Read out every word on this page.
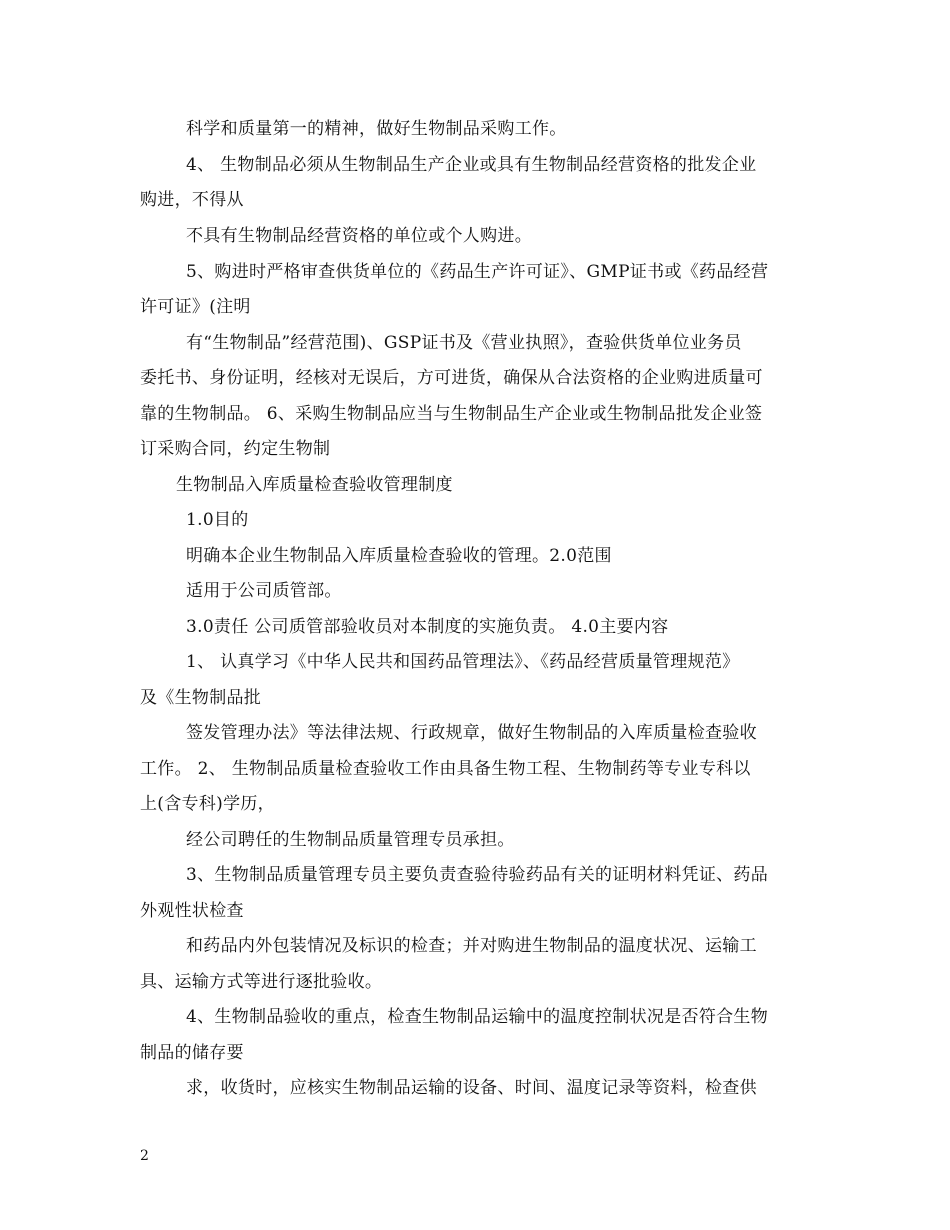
科学和质量第一的精神，做好生物制品采购工作。
4、 生物制品必须从生物制品生产企业或具有生物制品经营资格的批发企业
购进，不得从
不具有生物制品经营资格的单位或个人购进。
5、购进时严格审查供货单位的《药品生产许可证》、GMP证书或《药品经营
许可证》(注明
有“生物制品”经营范围)、GSP证书及《营业执照》，查验供货单位业务员
委托书、身份证明，经核对无误后，方可进货，确保从合法资格的企业购进质量可
靠的生物制品。 6、采购生物制品应当与生物制品生产企业或生物制品批发企业签
订采购合同，约定生物制
生物制品入库质量检查验收管理制度
1.0目的
明确本企业生物制品入库质量检查验收的管理。2.0范围
适用于公司质管部。
3.0责任 公司质管部验收员对本制度的实施负责。 4.0主要内容
1、 认真学习《中华人民共和国药品管理法》、《药品经营质量管理规范》
及《生物制品批
签发管理办法》等法律法规、行政规章，做好生物制品的入库质量检查验收
工作。 2、 生物制品质量检查验收工作由具备生物工程、生物制药等专业专科以
上(含专科)学历，
经公司聘任的生物制品质量管理专员承担。
3、生物制品质量管理专员主要负责查验待验药品有关的证明材料凭证、药品
外观性状检查
和药品内外包装情况及标识的检查；并对购进生物制品的温度状况、运输工
具、运输方式等进行逐批验收。
4、生物制品验收的重点，检查生物制品运输中的温度控制状况是否符合生物
制品的储存要
求，收货时，应核实生物制品运输的设备、时间、温度记录等资料，检查供
2
